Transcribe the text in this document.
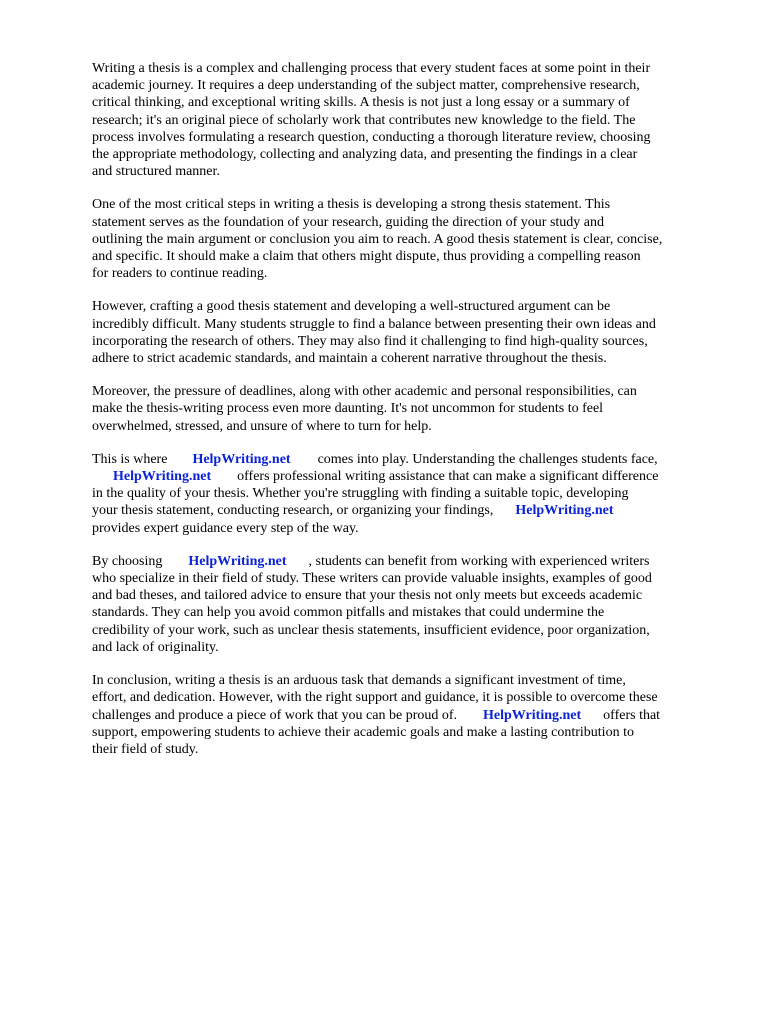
Writing a thesis is a complex and challenging process that every student faces at some point in their
academic journey. It requires a deep understanding of the subject matter, comprehensive research,
critical thinking, and exceptional writing skills. A thesis is not just a long essay or a summary of
research; it's an original piece of scholarly work that contributes new knowledge to the field. The
process involves formulating a research question, conducting a thorough literature review, choosing
the appropriate methodology, collecting and analyzing data, and presenting the findings in a clear
and structured manner.

One of the most critical steps in writing a thesis is developing a strong thesis statement. This
statement serves as the foundation of your research, guiding the direction of your study and
outlining the main argument or conclusion you aim to reach. A good thesis statement is clear, concise,
and specific. It should make a claim that others might dispute, thus providing a compelling reason
for readers to continue reading.

However, crafting a good thesis statement and developing a well-structured argument can be
incredibly difficult. Many students struggle to find a balance between presenting their own ideas and
incorporating the research of others. They may also find it challenging to find high-quality sources,
adhere to strict academic standards, and maintain a coherent narrative throughout the thesis.

Moreover, the pressure of deadlines, along with other academic and personal responsibilities, can
make the thesis-writing process even more daunting. It's not uncommon for students to feel
overwhelmed, stressed, and unsure of where to turn for help.

This is where HelpWriting.net comes into play. Understanding the challenges students face,
HelpWriting.net offers professional writing assistance that can make a significant difference
in the quality of your thesis. Whether you're struggling with finding a suitable topic, developing
your thesis statement, conducting research, or organizing your findings, HelpWriting.net
provides expert guidance every step of the way.

By choosing HelpWriting.net , students can benefit from working with experienced writers
who specialize in their field of study. These writers can provide valuable insights, examples of good
and bad theses, and tailored advice to ensure that your thesis not only meets but exceeds academic
standards. They can help you avoid common pitfalls and mistakes that could undermine the
credibility of your work, such as unclear thesis statements, insufficient evidence, poor organization,
and lack of originality.

In conclusion, writing a thesis is an arduous task that demands a significant investment of time,
effort, and dedication. However, with the right support and guidance, it is possible to overcome these
challenges and produce a piece of work that you can be proud of. HelpWriting.net offers that
support, empowering students to achieve their academic goals and make a lasting contribution to
their field of study.
